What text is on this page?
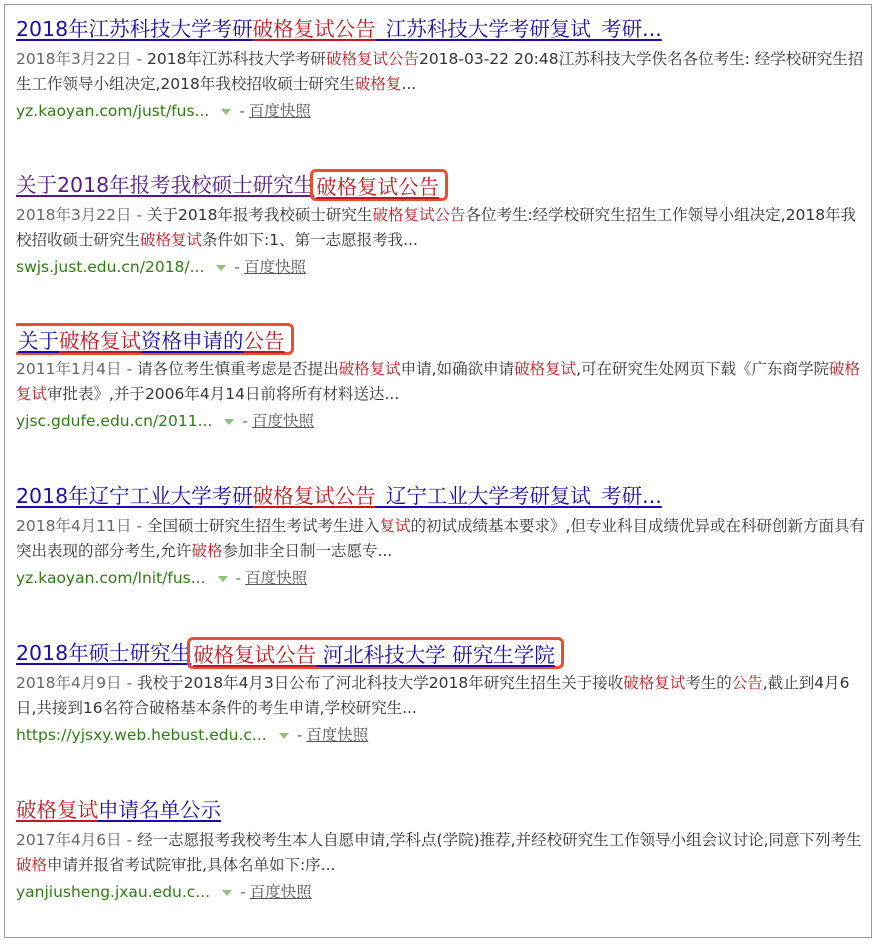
2018年江苏科技大学考研破格复试公告_江苏科技大学考研复试_考研...
2018年3月22日 - 2018年江苏科技大学考研破格复试公告2018-03-22 20:48江苏科技大学佚名各位考生: 经学校研究生招生工作领导小组决定,2018年我校招收硕士研究生破格复...
yz.kaoyan.com/just/fus... - 百度快照
关于2018年报考我校硕士研究生破格复试公告
2018年3月22日 - 关于2018年报考我校硕士研究生破格复试公告各位考生:经学校研究生招生工作领导小组决定,2018年我校招收硕士研究生破格复试条件如下:1、第一志愿报考我...
swjs.just.edu.cn/2018/... - 百度快照
关于破格复试资格申请的公告
2011年1月4日 - 请各位考生慎重考虑是否提出破格复试申请,如确欲申请破格复试,可在研究生处网页下载《广东商学院破格复试审批表》,并于2006年4月14日前将所有材料送达...
yjsc.gdufe.edu.cn/2011... - 百度快照
2018年辽宁工业大学考研破格复试公告_辽宁工业大学考研复试_考研...
2018年4月11日 - 全国硕士研究生招生考试考生进入复试的初试成绩基本要求》,但专业科目成绩优异或在科研创新方面具有突出表现的部分考生,允许破格参加非全日制一志愿专...
yz.kaoyan.com/lnit/fus... - 百度快照
2018年硕士研究生破格复试公告 河北科技大学 研究生学院
2018年4月9日 - 我校于2018年4月3日公布了河北科技大学2018年研究生招生关于接收破格复试考生的公告,截止到4月6日,共接到16名符合破格基本条件的考生申请,学校研究生...
https://yjsxy.web.hebust.edu.c... - 百度快照
破格复试申请名单公示
2017年4月6日 - 经一志愿报考我校考生本人自愿申请,学科点(学院)推荐,并经校研究生工作领导小组会议讨论,同意下列考生破格申请并报省考试院审批,具体名单如下:序...
yanjiusheng.jxau.edu.c... - 百度快照
